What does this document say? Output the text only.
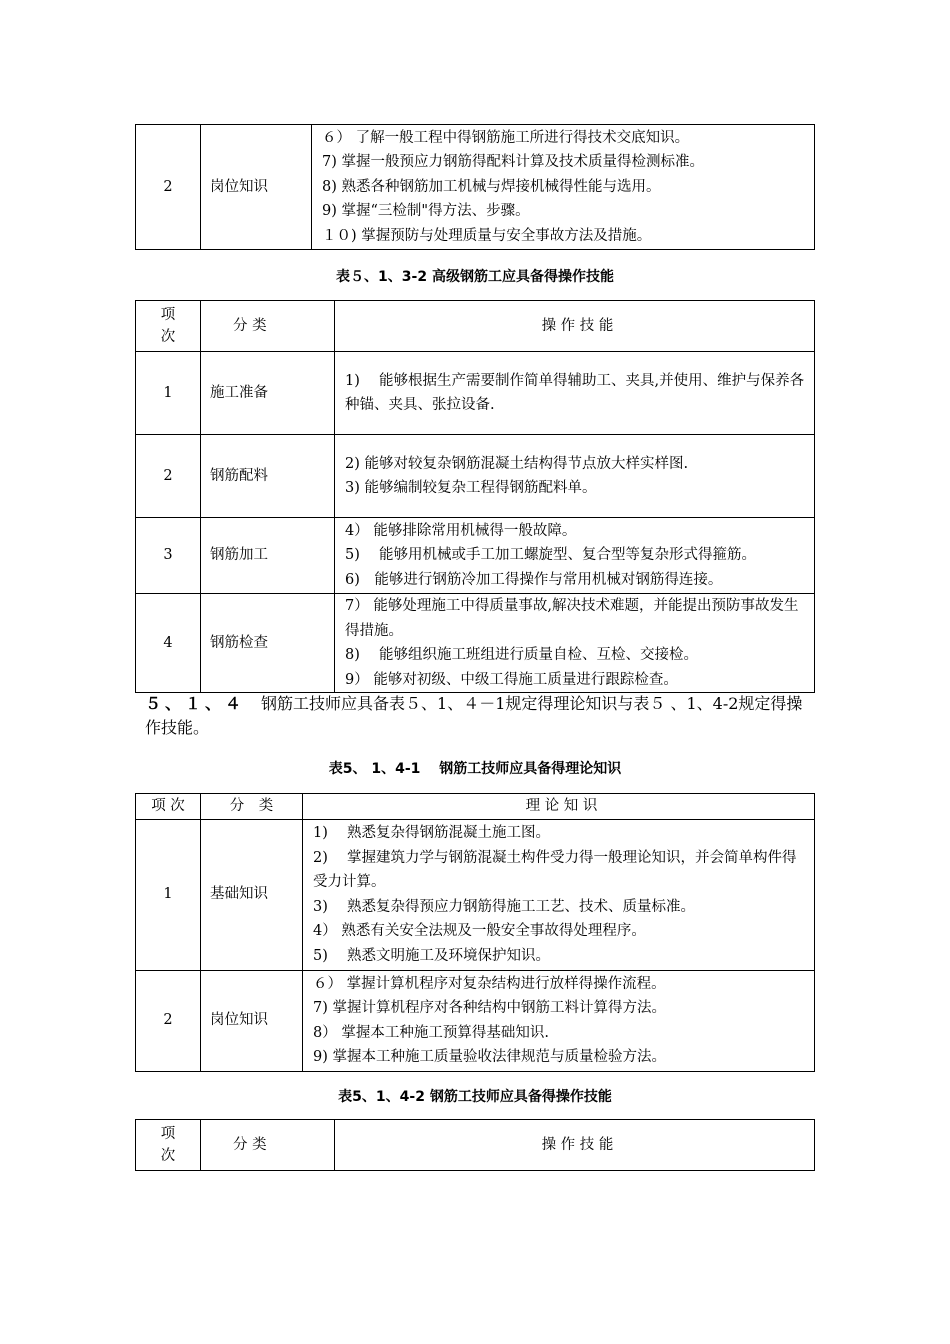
2	岗位知识	
６） 了解一般工程中得钢筋施工所进行得技术交底知识。
7) 掌握一般预应力钢筋得配料计算及技术质量得检测标准。
8) 熟悉各种钢筋加工机械与焊接机械得性能与选用。
9) 掌握“三检制"得方法、步骤。
１０) 掌握预防与处理质量与安全事故方法及措施。
表５、1、3-2 高级钢筋工应具备得操作技能
项
次	分 类	操 作 技 能
1	施工准备	1)　 能够根据生产需要制作简单得辅助工、夹具,并使用、维护与保养各种锚、夹具、张拉设备.

2	钢筋配料	2) 能够对较复杂钢筋混凝土结构得节点放大样实样图.
3) 能够编制较复杂工程得钢筋配料单。

3	钢筋加工	4） 能够排除常用机械得一般故障。
5)　 能够用机械或手工加工螺旋型、复合型等复杂形式得箍筋。
6)　能够进行钢筋冷加工得操作与常用机械对钢筋得连接。

4	钢筋检查	7） 能够处理施工中得质量事故,解决技术难题，并能提出预防事故发生得措施。
8)　 能够组织施工班组进行质量自检、互检、交接检。
9） 能够对初级、中级工得施工质量进行跟踪检查。
５、１、４　钢筋工技师应具备表５、1、４－1规定得理论知识与表５ 、1、4-2规定得操作技能。
表5、 1、4-1　 钢筋工技师应具备得理论知识
项 次	分　类	理 论 知 识
1	基础知识	1)　 熟悉复杂得钢筋混凝土施工图。
2)　 掌握建筑力学与钢筋混凝土构件受力得一般理论知识，并会简单构件得受力计算。
3)　 熟悉复杂得预应力钢筋得施工工艺、技术、质量标准。
4） 熟悉有关安全法规及一般安全事故得处理程序。
5)　 熟悉文明施工及环境保护知识。

2	岗位知识	６） 掌握计算机程序对复杂结构进行放样得操作流程。
7) 掌握计算机程序对各种结构中钢筋工料计算得方法。
8） 掌握本工种施工预算得基础知识.
9) 掌握本工种施工质量验收法律规范与质量检验方法。
表5、1、4-2 钢筋工技师应具备得操作技能
项
次	分 类	操 作 技 能
